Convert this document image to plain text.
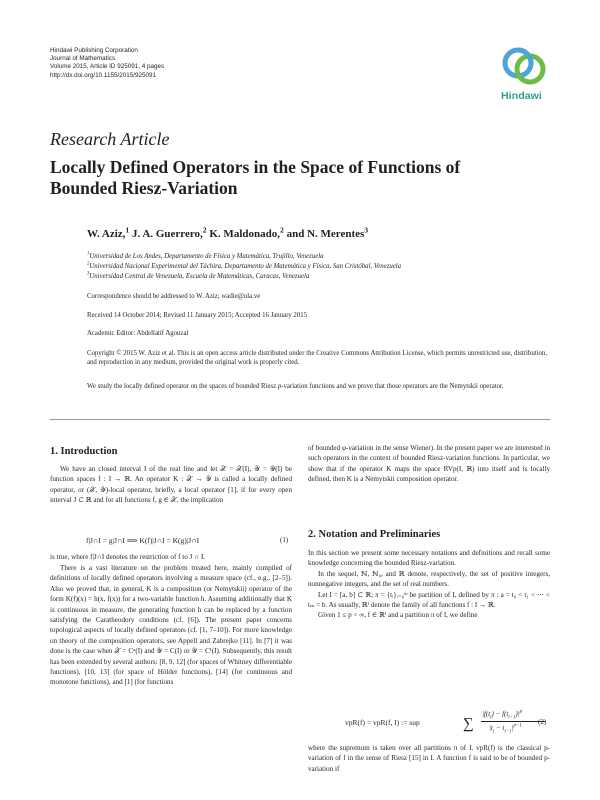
Hindawi Publishing Corporation
Journal of Mathematics
Volume 2015, Article ID 925091, 4 pages
http://dx.doi.org/10.1155/2015/925091
Hindawi
Research Article
Locally Defined Operators in the Space of Functions of Bounded Riesz-Variation
W. Aziz,$^1$ J. A. Guerrero,$^2$ K. Maldonado,$^2$ and N. Merentes$^3$
$^1$Universidad de Los Andes, Departamento de Física y Matemática, Trujillo, Venezuela
$^2$Universidad Nacional Experimental del Táchira, Departamento de Matemática y Física, San Cristóbal, Venezuela
$^3$Universidad Central de Venezuela, Escuela de Matemáticas, Caracas, Venezuela
Correspondence should be addressed to W. Aziz; wadie@ula.ve
Received 14 October 2014; Revised 11 January 2015; Accepted 16 January 2015
Academic Editor: Abdellatif Agouzal
Copyright © 2015 W. Aziz et al. This is an open access article distributed under the Creative Commons Attribution License, which permits unrestricted use, distribution, and reproduction in any medium, provided the original work is properly cited.
We study the locally defined operator on the spaces of bounded Riesz p-variation functions and we prove that those operators are the Nemytskii operator.
1. Introduction

We have an closed interval I of the real line and let 𝒳 = 𝒳(I), 𝒴 = 𝒴(I) be function spaces f : I → ℝ. An operator K : 𝒳 → 𝒴 is called a locally defined operator, or (𝒳, 𝒴)-local operator, briefly, a local operator [1], if for every open interval J ⊂ ℝ and for all functions f, g ∈ 𝒳, the implication

f|J∩I = g|J∩I ⟹ K(f)|J∩I = K(g)|J∩I	(1)

is true, where f|J∩I denotes the restriction of f to J ∩ I.

There is a vast literature on the problem treated here, mainly compiled of definitions of locally defined operators involving a measure space (cf., e.g., [2–5]). Also we proved that, in general, K is a composition (or Nemytskii) operator of the form K(f)(x) = h(x, f(x)) for a two-variable function h. Assuming additionally that K is continuous in measure, the generating function h can be replaced by a function satisfying the Caratheodory conditions (cf. [6]). The present paper concerns topological aspects of locally defined operators (cf. [1, 7–10]). For more knowledge on theory of the composition operators, see Appell and Zabrejko [11]. In [7] it was done is the case when 𝒳 = Cⁿ(I) and 𝒴 = C(I) or 𝒴 = C¹(I). Subsequently, this result has been extended by several authors: [8, 9, 12] (for spaces of Whitney differentiable functions), [10, 13] (for space of Hölder functions), [14] (for continuous and monotone functions), and [1] (for functions

of bounded φ-variation in the sense Wiener). In the present paper we are interested in such operators in the context of bounded Riesz-variation functions. In particular, we show that if the operator K maps the space RVp(I, ℝ) into itself and is locally defined, then K is a Nemytskii composition operator.

2. Notation and Preliminaries

In this section we present some necessary notations and definitions and recall some knowledge concerning the bounded Riesz-variation.

In the sequel, ℕ, ℕ₀, and ℝ denote, respectively, the set of positive integers, nonnegative integers, and the set of real numbers.

Let I = [a, b] ⊂ ℝ; π = {tᵢ}ᵢ₌₀ᵐ be partition of I, defined by π : a = t₀ < t₁ < ⋯ < tₘ = b. As usually, ℝᴵ denote the family of all functions f : I → ℝ.

Given 1 ≤ p < ∞, f ∈ ℝᴵ and a partition π of I, we define

vpR(f) = vpR(f, I) := sup	∑
$|f(t_i) - f(t_{i-1})|^p$
$|t_i - t_{i-1}|^{p-1}$
(2)

where the supremum is taken over all partitions π of I. vpR(f) is the classical p-variation of f in the sense of Riesz [15] in I. A function f is said to be of bounded p-variation if
